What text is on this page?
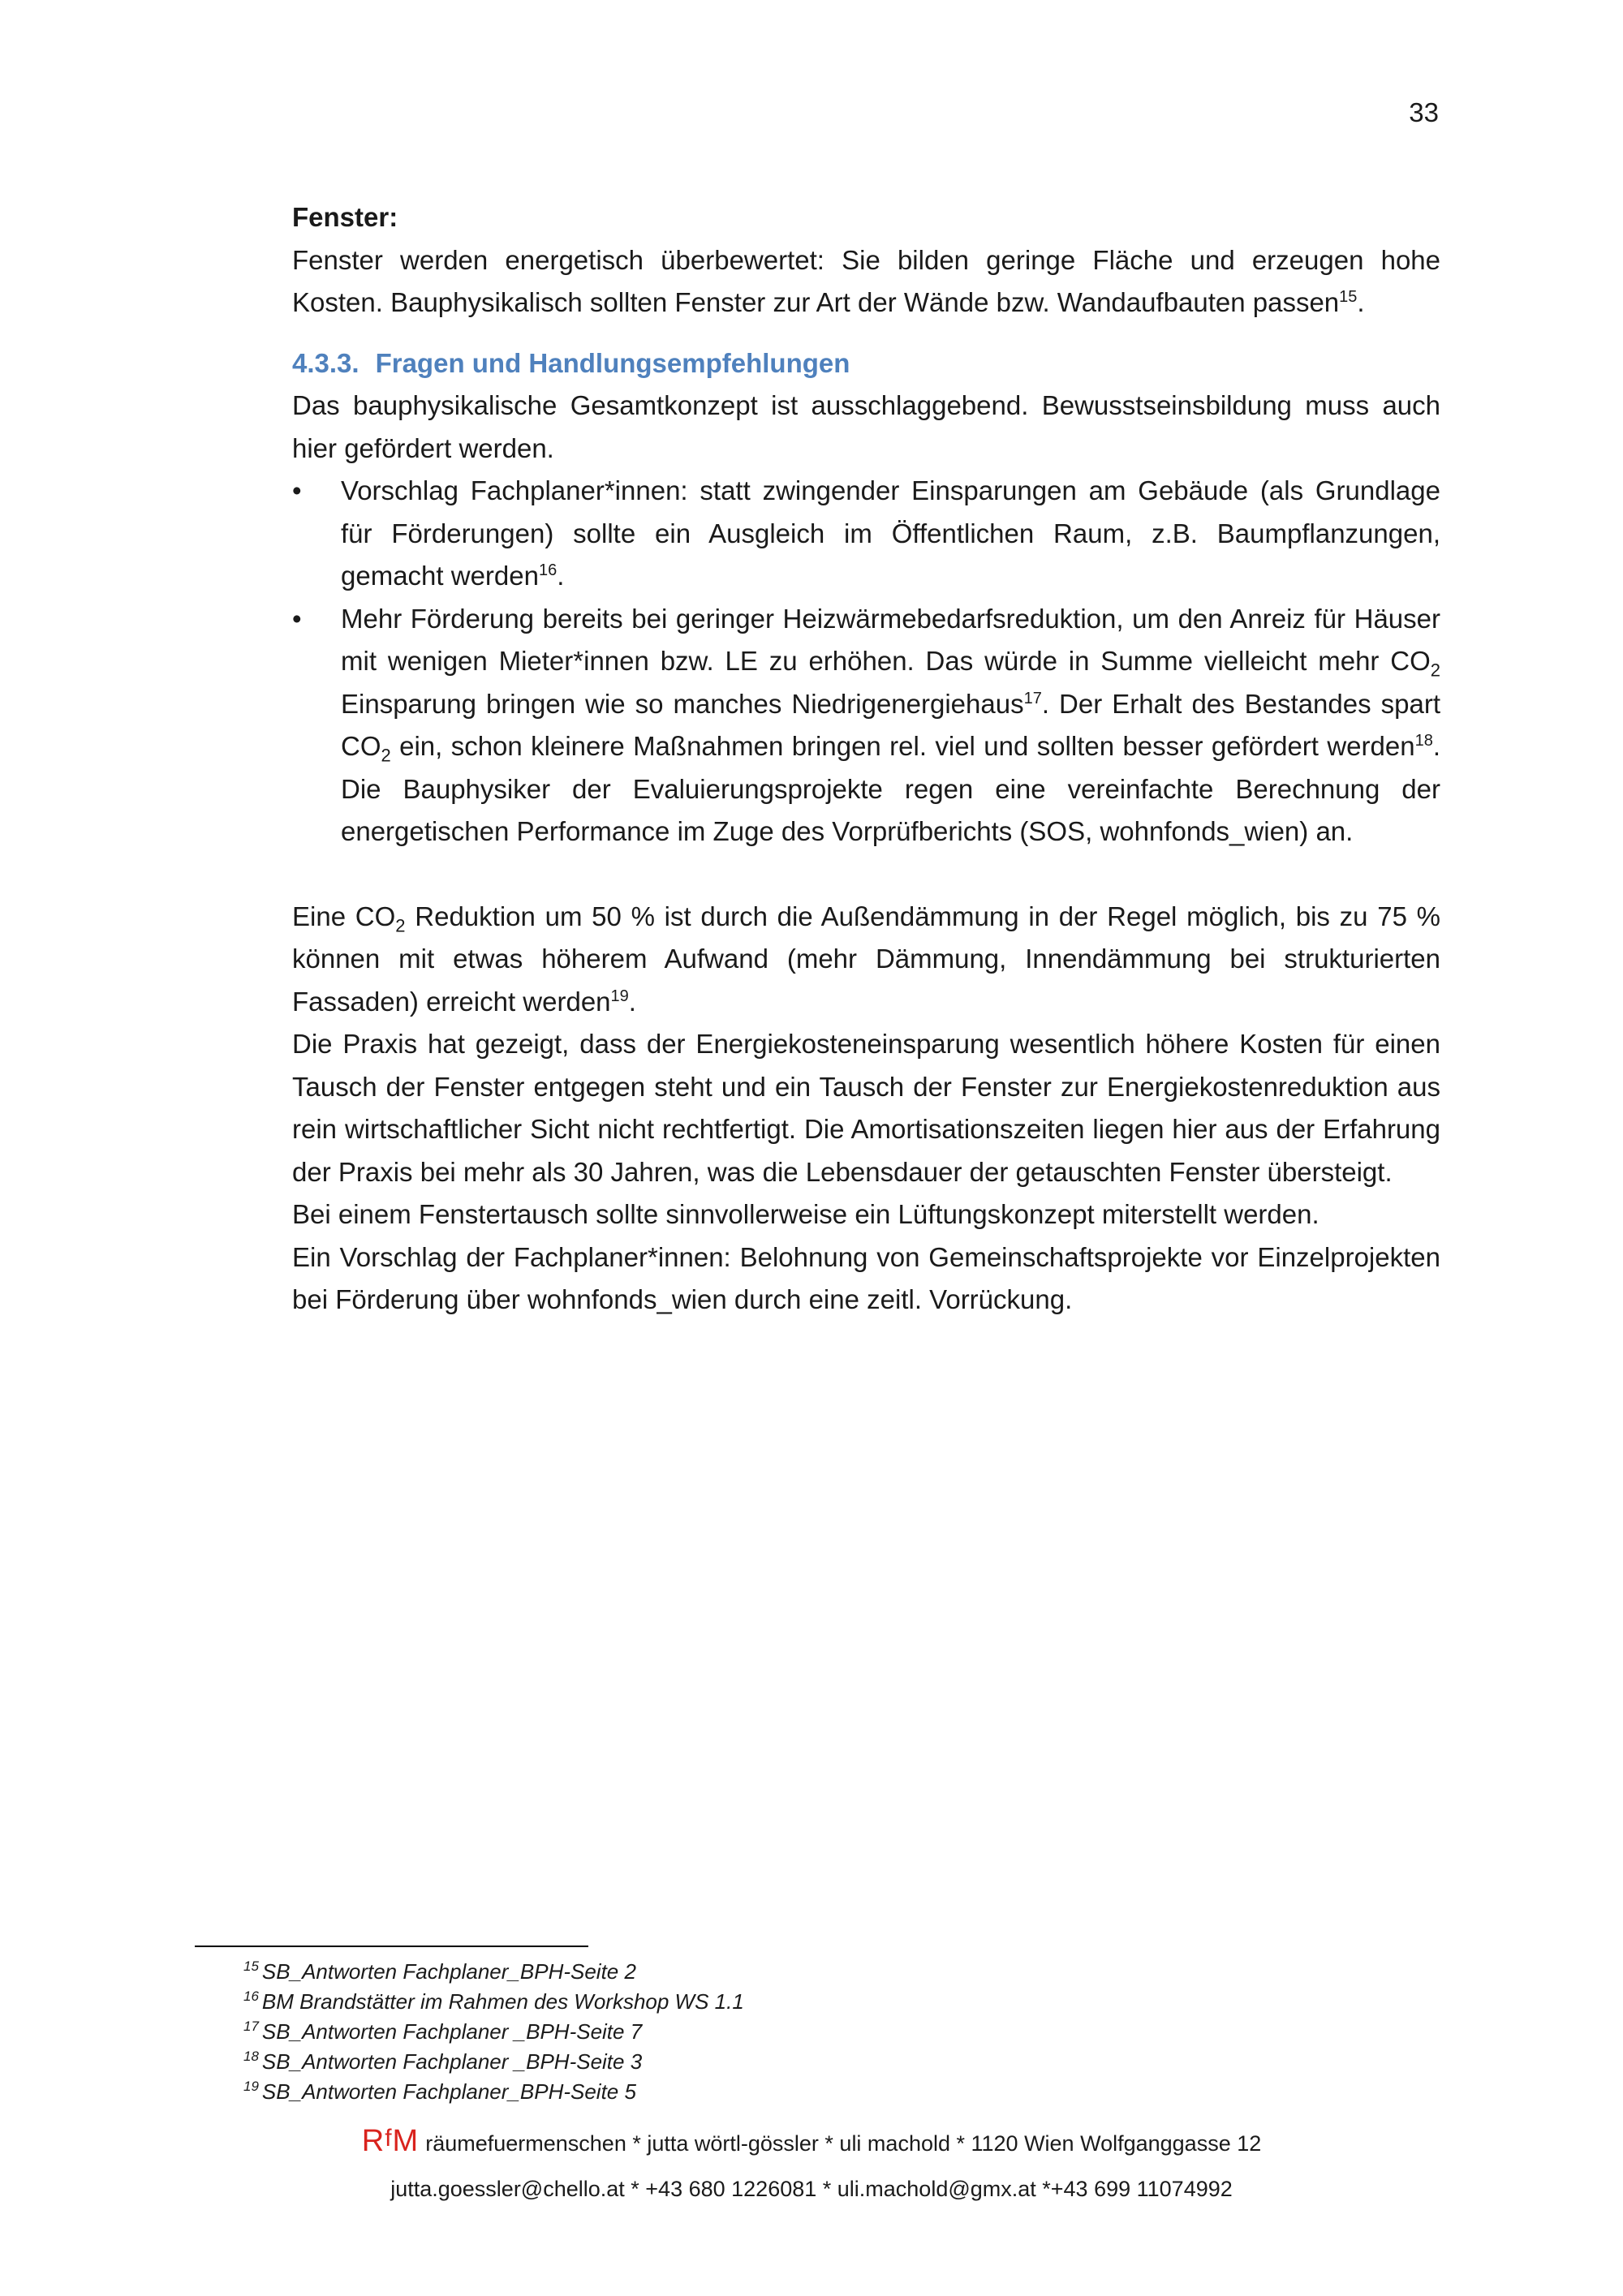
33

Fenster:

Fenster werden energetisch überbewertet: Sie bilden geringe Fläche und erzeugen hohe Kosten. Bauphysikalisch sollten Fenster zur Art der Wände bzw. Wandaufbauten passen$^{15}$.

4.3.3. Fragen und Handlungsempfehlungen

Das bauphysikalische Gesamtkonzept ist ausschlaggebend. Bewusstseinsbildung muss auch hier gefördert werden.

• Vorschlag Fachplaner*innen: statt zwingender Einsparungen am Gebäude (als Grundlage für Förderungen) sollte ein Ausgleich im Öffentlichen Raum, z.B. Baumpflanzungen, gemacht werden$^{16}$.
• Mehr Förderung bereits bei geringer Heizwärmebedarfsreduktion, um den Anreiz für Häuser mit wenigen Mieter*innen bzw. LE zu erhöhen. Das würde in Summe vielleicht mehr $CO_2$ Einsparung bringen wie so manches Niedrigenergiehaus$^{17}$. Der Erhalt des Bestandes spart $CO_2$ ein, schon kleinere Maßnahmen bringen rel. viel und sollten besser gefördert werden$^{18}$. Die Bauphysiker der Evaluierungsprojekte regen eine vereinfachte Berechnung der energetischen Performance im Zuge des Vorprüfberichts (SOS, wohnfonds_wien) an.

Eine $CO_2$ Reduktion um 50 % ist durch die Außendämmung in der Regel möglich, bis zu 75 % können mit etwas höherem Aufwand (mehr Dämmung, Innendämmung bei strukturierten Fassaden) erreicht werden$^{19}$.

Die Praxis hat gezeigt, dass der Energiekosteneinsparung wesentlich höhere Kosten für einen Tausch der Fenster entgegen steht und ein Tausch der Fenster zur Energiekostenreduktion aus rein wirtschaftlicher Sicht nicht rechtfertigt. Die Amortisationszeiten liegen hier aus der Erfahrung der Praxis bei mehr als 30 Jahren, was die Lebensdauer der getauschten Fenster übersteigt.

Bei einem Fenstertausch sollte sinnvollerweise ein Lüftungskonzept miterstellt werden.

Ein Vorschlag der Fachplaner*innen: Belohnung von Gemeinschaftsprojekte vor Einzelprojekten bei Förderung über wohnfonds_wien durch eine zeitl. Vorrückung.

$^{15}$ SB_Antworten Fachplaner_BPH-Seite 2
$^{16}$ BM Brandstätter im Rahmen des Workshop WS 1.1
$^{17}$ SB_Antworten Fachplaner _BPH-Seite 7
$^{18}$ SB_Antworten Fachplaner _BPH-Seite 3
$^{19}$ SB_Antworten Fachplaner_BPH-Seite 5
RfM räumefuermenschen * jutta wörtl-gössler * uli machold * 1120 Wien Wolfganggasse 12
jutta.goessler@chello.at * +43 680 1226081 * uli.machold@gmx.at *+43 699 11074992
